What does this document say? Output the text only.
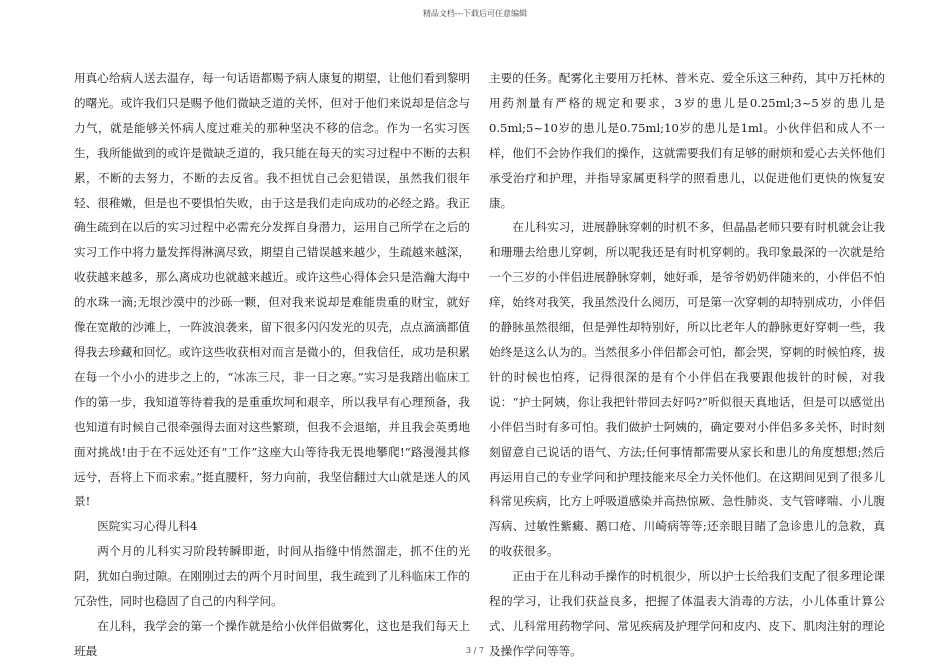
精品文档---下载后可任意编辑

用真心给病人送去温存，每一句话语都赐予病人康复的期望，让他们看到黎明的曙光。或许我们只是赐予他们微缺乏道的关怀，但对于他们来说却是信念与力气，就是能够关怀病人度过难关的那种坚决不移的信念。作为一名实习医生，我所能做到的或许是微缺乏道的，我只能在每天的实习过程中不断的去积累，不断的去努力，不断的去反省。我不担忧自己会犯错误，虽然我们很年轻、很稚嫩，但是也不要惧怕失败，由于这是我们走向成功的必经之路。我正确生疏到在以后的实习过程中必需充分发挥自身潜力，运用自己所学在之后的实习工作中将力量发挥得淋漓尽致，期望自己错误越来越少，生疏越来越深，收获越来越多，那么离成功也就越来越近。或许这些心得体会只是浩瀚大海中的水珠一滴;无垠沙漠中的沙砾一颗，但对我来说却是难能贵重的财宝，就好像在宽敞的沙滩上，一阵波浪袭来，留下很多闪闪发光的贝壳，点点滴滴都值得我去珍藏和回忆。或许这些收获相对而言是微小的，但我信任，成功是积累在每一个小小的进步之上的，“冰冻三尺，非一日之寒。”实习是我踏出临床工作的第一步，我知道等待着我的是重重坎坷和艰辛，所以我早有心理预备，我也知道有时候自己很牵强得去面对这些繁琐，但我不会退缩，并且我会英勇地面对挑战!由于在不远处还有“工作”这座大山等待我无畏地攀爬!“路漫漫其修远兮，吾将上下而求索。”挺直腰杆，努力向前，我坚信翻过大山就是迷人的风景!

医院实习心得儿科4

两个月的儿科实习阶段转瞬即逝，时间从指缝中悄然溜走，抓不住的光阴，犹如白驹过隙。在刚刚过去的两个月时间里，我生疏到了儿科临床工作的冗杂性，同时也稳固了自己的内科学问。

在儿科，我学会的第一个操作就是给小伙伴侣做雾化，这也是我们每天上班最

主要的任务。配雾化主要用万托林、普米克、爱全乐这三种药，其中万托林的用药剂量有严格的规定和要求，3岁的患儿是0.25ml;3~5岁的患儿是0.5ml;5~10岁的患儿是0.75ml;10岁的患儿是1ml。小伙伴侣和成人不一样，他们不会协作我们的操作，这就需要我们有足够的耐烦和爱心去关怀他们承受治疗和护理，并指导家属更科学的照看患儿，以促进他们更快的恢复安康。

在儿科实习，进展静脉穿刺的时机不多，但晶晶老师只要有时机就会让我和珊珊去给患儿穿刺，所以呢我还是有时机穿刺的。我印象最深的一次就是给一个三岁的小伴侣进展静脉穿刺，她好乖，是爷爷奶奶伴随来的，小伴侣不怕痒，始终对我笑，我虽然没什么阅历，可是第一次穿刺的却特别成功，小伴侣的静脉虽然很细，但是弹性却特别好，所以比老年人的静脉更好穿刺一些，我始终是这么认为的。当然很多小伴侣都会可怕，都会哭，穿刺的时候怕疼，拔针的时候也怕疼，记得很深的是有个小伴侣在我要跟他拔针的时候，对我说：“护士阿姨，你让我把针带回去好吗?”听似很天真地话，但是可以感觉出小伴侣当时有多可怕。我们做护士阿姨的，确定要对小伴侣多多关怀，时时刻刻留意自己说话的语气、方法;任何事情都需要从家长和患儿的角度想想;然后再运用自己的专业学问和护理技能来尽全力关怀他们。在这期间见到了很多儿科常见疾病，比方上呼吸道感染并高热惊厥、急性肺炎、支气管哮喘、小儿腹泻病、过敏性紫癜、鹅口疮、川崎病等等;还亲眼目睹了急诊患儿的急救，真的收获很多。

正由于在儿科动手操作的时机很少，所以护士长给我们支配了很多理论课程的学习，让我们获益良多，把握了体温表大消毒的方法，小儿体重计算公式、儿科常用药物学问、常见疾病及护理学问和皮内、皮下、肌肉注射的理论及操作学问等等。

3 / 7
